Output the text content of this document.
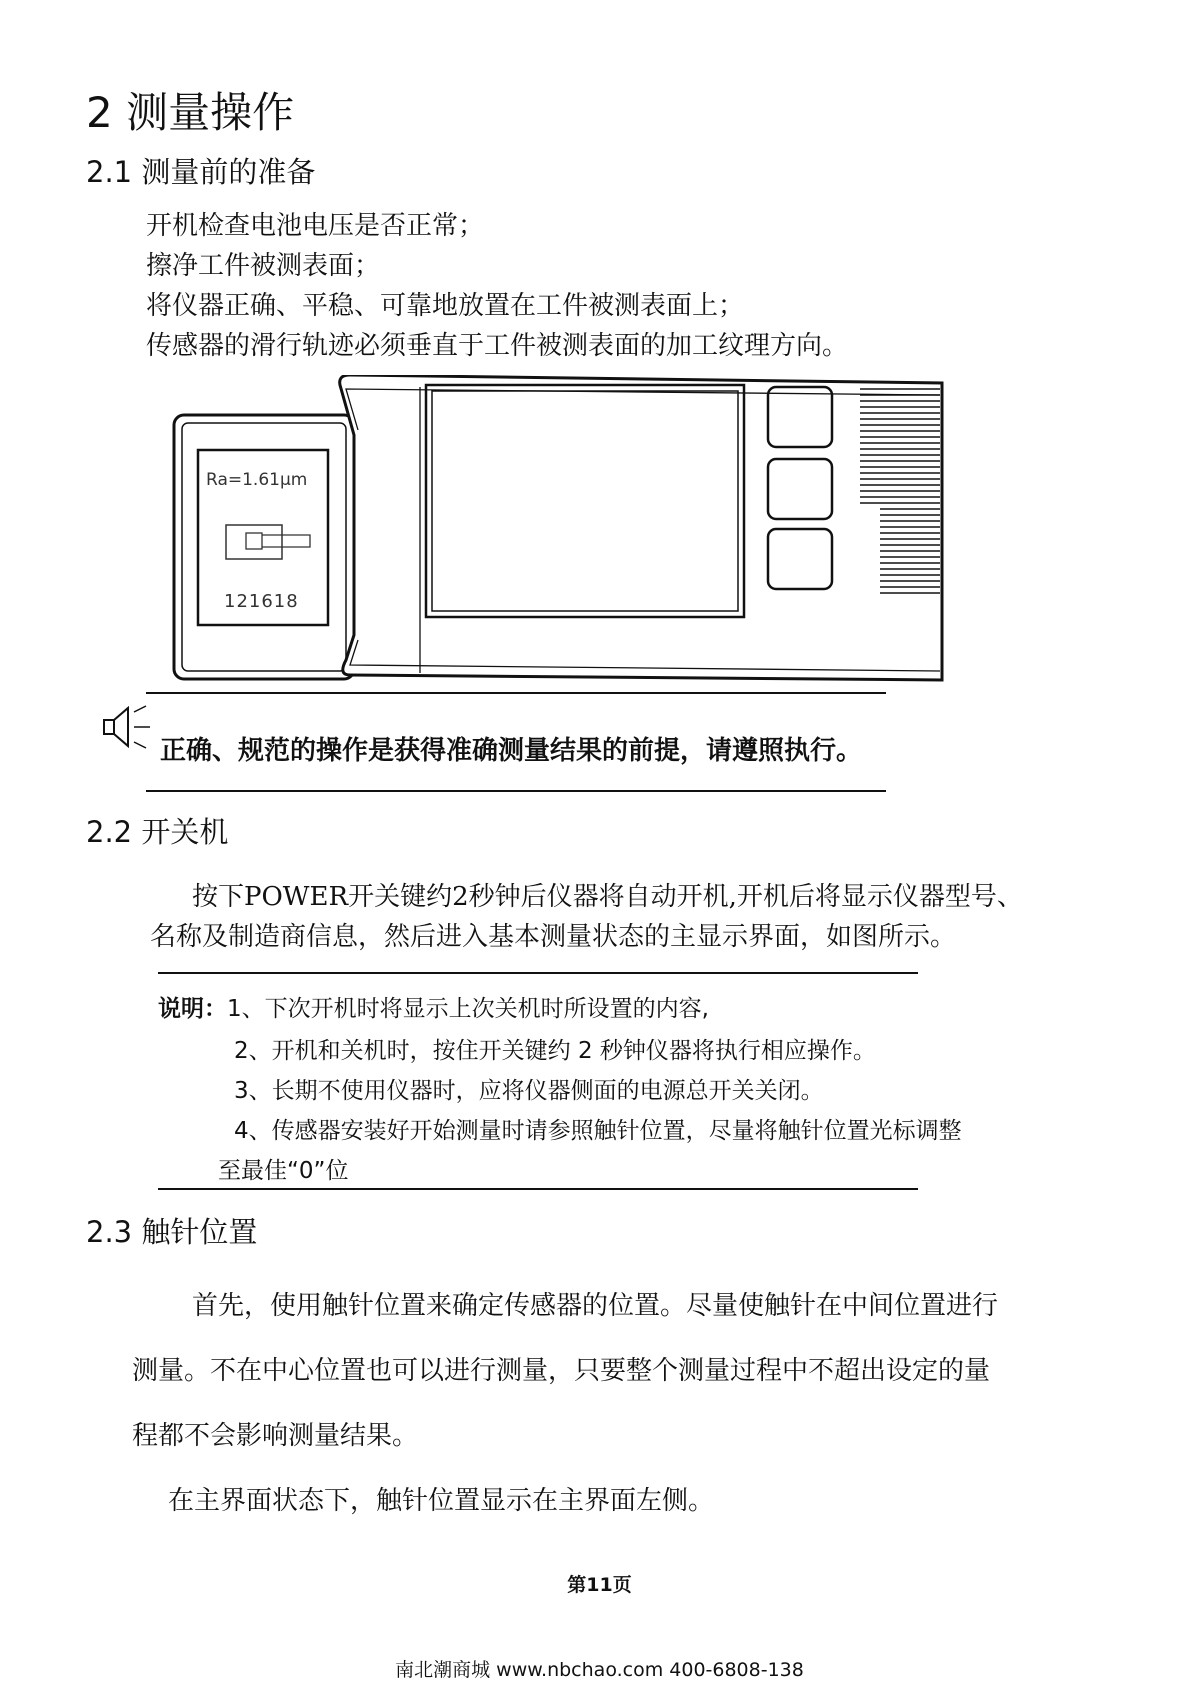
2 测量操作
2.1 测量前的准备
开机检查电池电压是否正常；
擦净工件被测表面；
将仪器正确、平稳、可靠地放置在工件被测表面上；
传感器的滑行轨迹必须垂直于工件被测表面的加工纹理方向。
Ra=1.61μm
121618
正确、规范的操作是获得准确测量结果的前提，请遵照执行。
2.2 开关机
按下POWER开关键约2秒钟后仪器将自动开机,开机后将显示仪器型号、
名称及制造商信息，然后进入基本测量状态的主显示界面，如图所示。
说明：1、下次开机时将显示上次关机时所设置的内容,
2、开机和关机时，按住开关键约 2 秒钟仪器将执行相应操作。
3、长期不使用仪器时，应将仪器侧面的电源总开关关闭。
4、传感器安装好开始测量时请参照触针位置，尽量将触针位置光标调整
至最佳“0”位
2.3 触针位置
首先，使用触针位置来确定传感器的位置。尽量使触针在中间位置进行
测量。不在中心位置也可以进行测量，只要整个测量过程中不超出设定的量
程都不会影响测量结果。
在主界面状态下，触针位置显示在主界面左侧。
第11页
南北潮商城 www.nbchao.com 400-6808-138
